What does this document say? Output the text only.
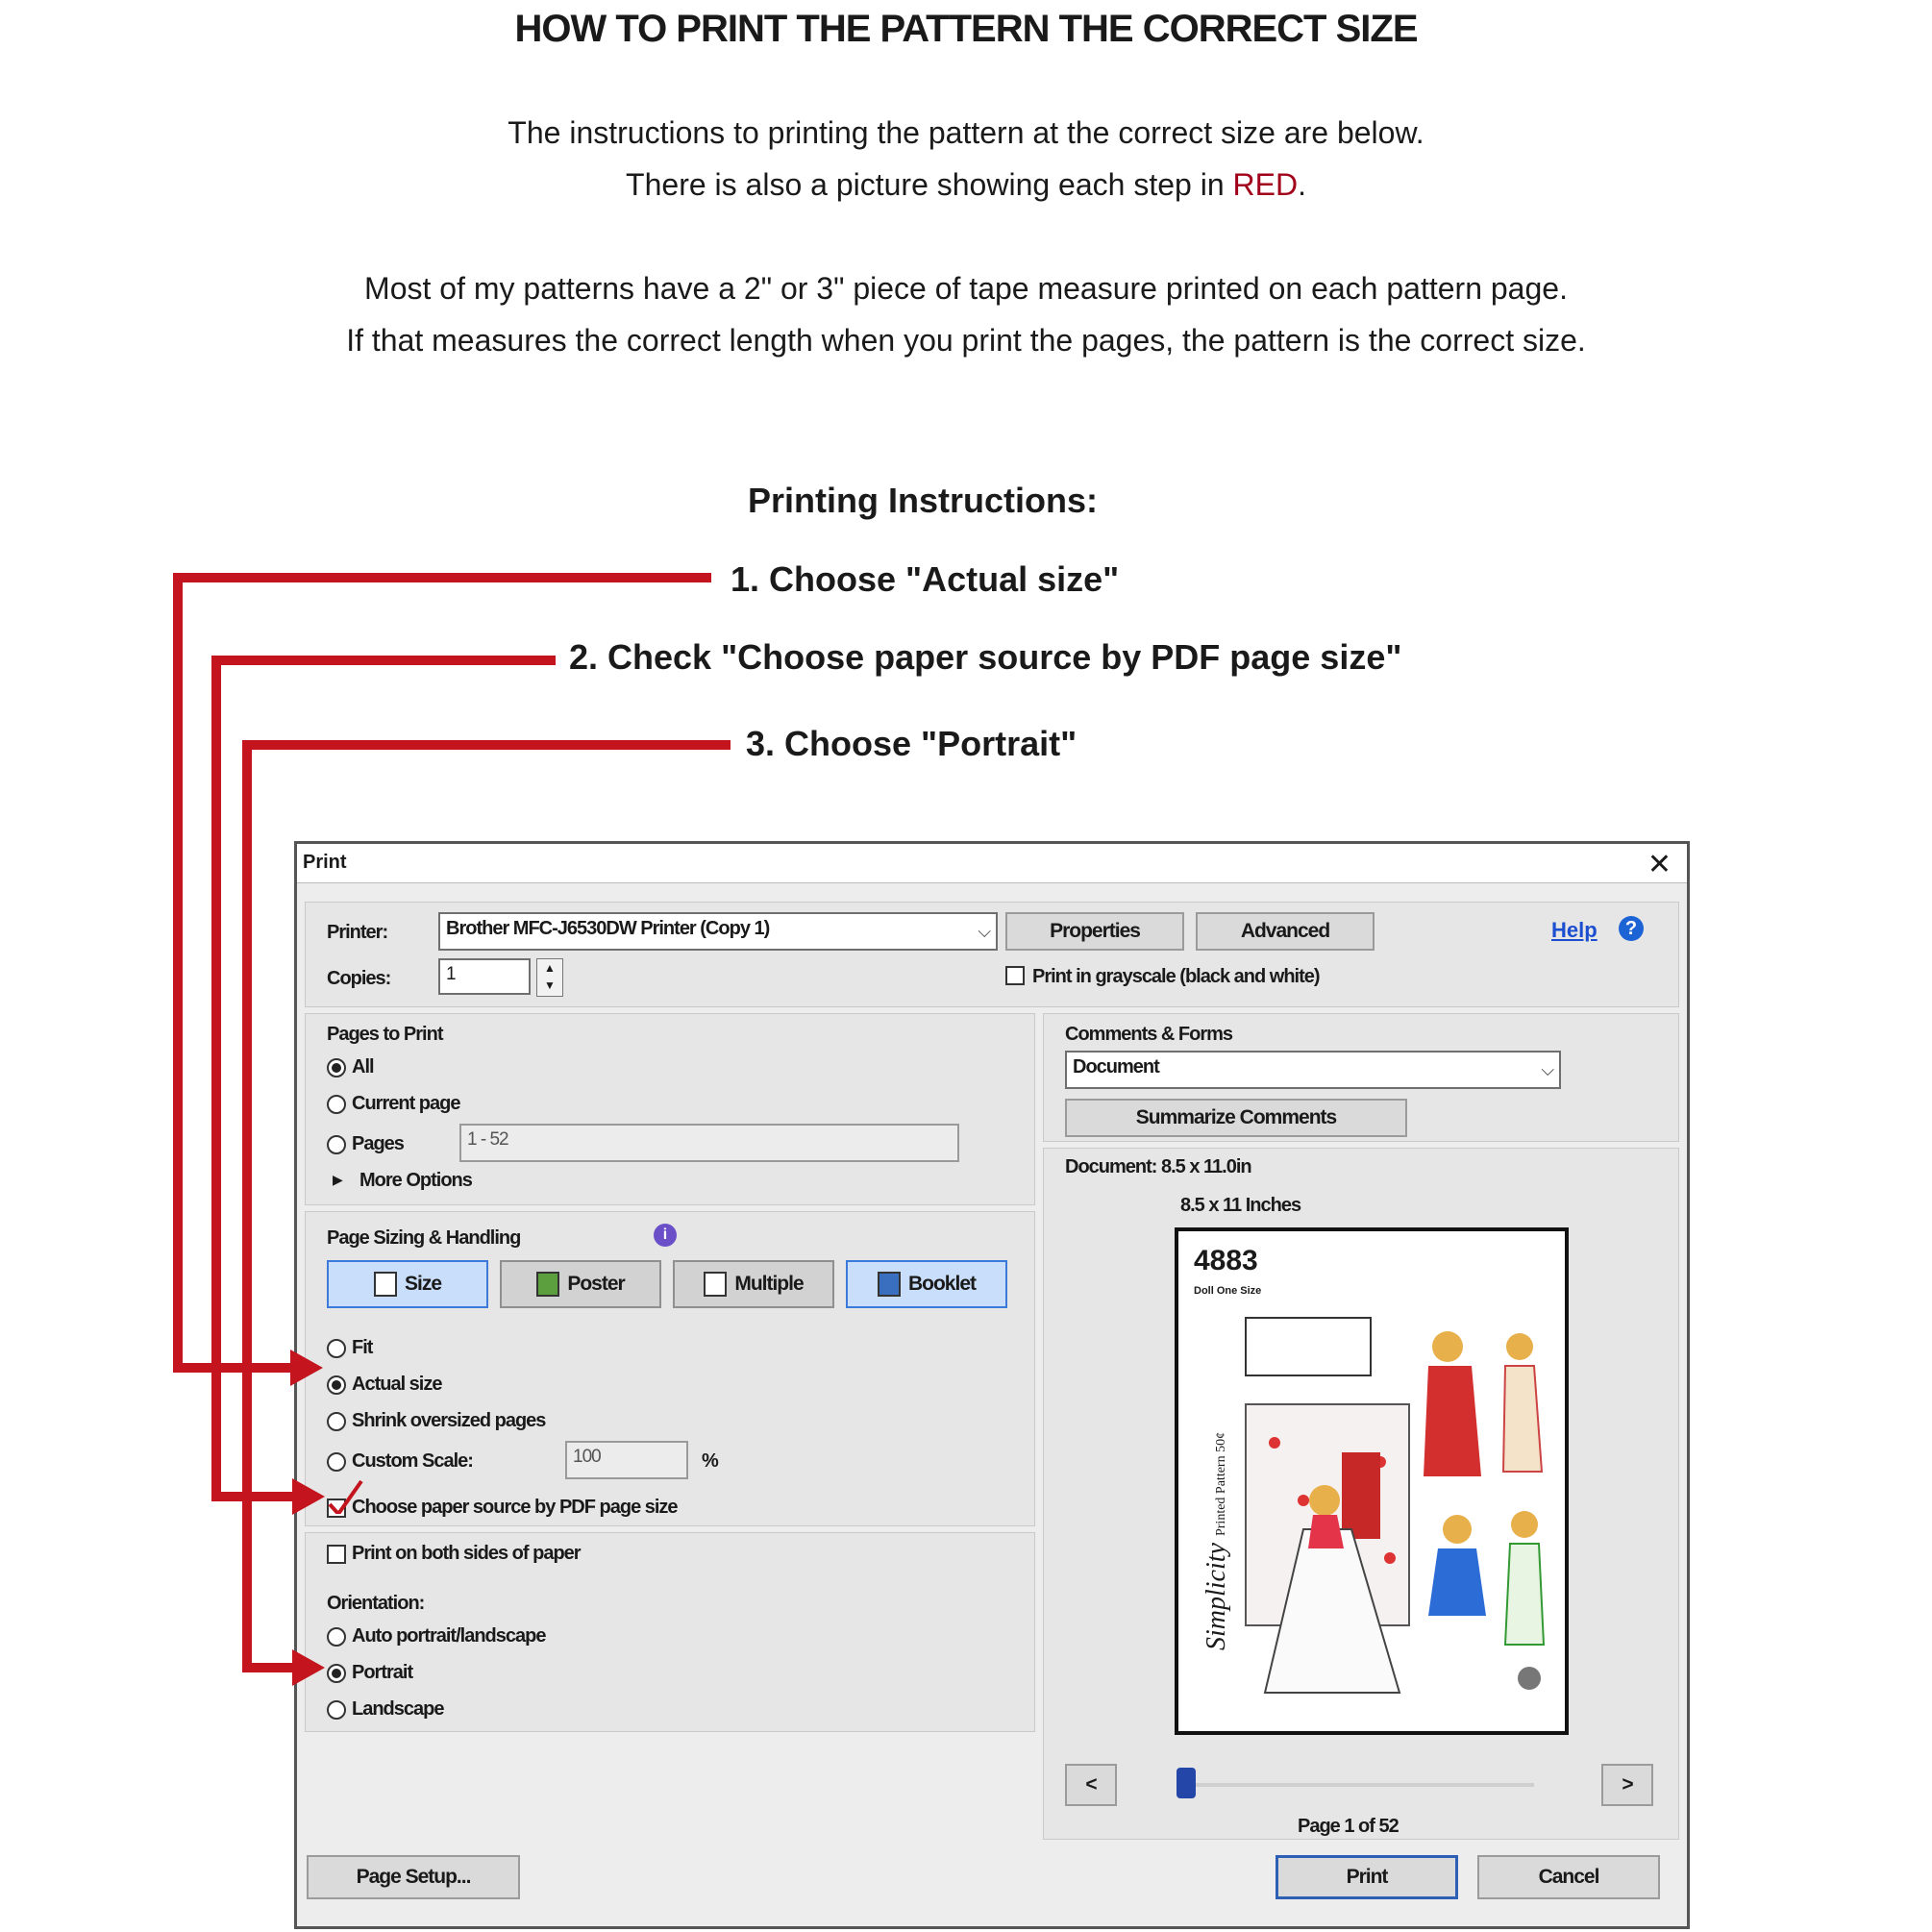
HOW TO PRINT THE PATTERN THE CORRECT SIZE
The instructions to printing the pattern at the correct size are below.
There is also a picture showing each step in RED.
Most of my patterns have a 2" or 3" piece of tape measure printed on each pattern page.
If that measures the correct length when you print the pages, the pattern is the correct size.
Printing Instructions:
1. Choose "Actual size"
2. Check "Choose paper source by PDF page size"
3. Choose "Portrait"
Print	✕
Printer:	Brother MFC-J6530DW Printer (Copy 1)	⌵	Properties	Advanced	Help	?
Copies:	1	▲
▼	Print in grayscale (black and white)
Pages to Print
All
Current page
Pages	1 - 52
▶ More Options
Page Sizing & Handling	i
Size	Poster	Multiple	Booklet
Fit
Actual size
Shrink oversized pages
Custom Scale:	100	%
Choose paper source by PDF page size
Print on both sides of paper
Orientation:
Auto portrait/landscape
Portrait
Landscape
Comments & Forms
Document	⌵
Summarize Comments
Document: 8.5 x 11.0in
8.5 x 11 Inches
4883
Doll One Size
Simplicity Printed Pattern 50¢
<	>
Page 1 of 52
Page Setup...	Print	Cancel
